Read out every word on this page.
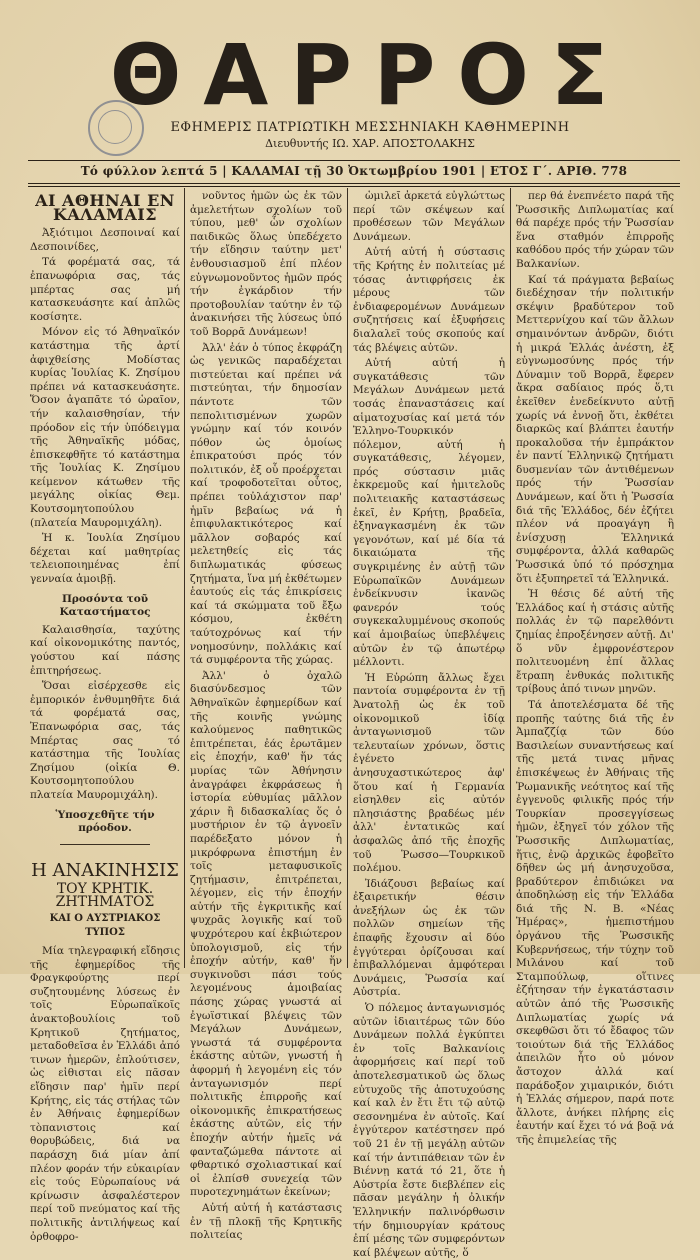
ΘΑΡΡΟΣ
ΕΦΗΜΕΡΙΣ ΠΑΤΡΙΩΤΙΚΗ ΜΕΣΣΗΝΙΑΚΗ ΚΑΘΗΜΕΡΙΝΗ
Διευθυντής ΙΩ. ΧΑΡ. ΑΠΟΣΤΟΛΑΚΗΣ
Τό φύλλον λεπτά 5 | ΚΑΛΑΜΑΙ τῇ 30 Ὀκτωμβρίου 1901 | ΕΤΟΣ Γ΄. ΑΡΙΘ. 778
ΑΙ ΑΘΗΝΑΙ ΕΝ ΚΑΛΑΜΑΙΣ

Ἀξιότιμοι Δεσποιναί καί Δεσποινίδες,

Τά φορέματά σας, τά ἐπανωφόρια σας, τάς μπέρτας σας μή κατασκευάσητε καί ἀπλῶς κοσίσητε.

Μόνον εἰς τό Ἀθηναϊκόν κατάστημα τῆς ἀρτί ἀφιχθείσης Μοδίστας κυρίας Ἰουλίας Κ. Ζησίμου πρέπει νά κατασκευάσητε. Ὅσον ἀγαπᾶτε τό ὡραῖον, τήν καλαισθησίαν, τήν πρόοδον εἰς τήν ὑπόδειγμα τῆς Ἀθηναϊκῆς μόδας, ἐπισκεφθῆτε τό κατάστημα τῆς Ἰουλίας Κ. Ζησίμου κείμενον κάτωθεν τῆς μεγάλης οἰκίας Θεμ. Κουτσομητοπούλου (πλατεία Μαυρομιχάλη).

Ἡ κ. Ἰουλία Ζησίμου δέχεται καί μαθητρίας τελειοποιημένας ἐπί γενναία ἀμοιβῇ.

Προσόντα τοῦ Καταστήματος

Καλαισθησία, ταχύτης καί οἰκονομικότης παντός, γούστου καί πάσης ἐπιτηρήσεως.

Ὅσαι εἰσέρχεσθε εἰς ἐμπορικόν ἐνθυμηθῆτε διά τά φορέματά σας, Ἐπανωφόρια σας, τάς Μπέρτας σας τό κατάστημα τῆς Ἰουλίας Ζησίμου (οἰκία Θ. Κουτσομητοπούλου πλατεία Μαυρομιχάλη).

Ὑποσχεθῆτε τήν πρόοδον.
Η ΑΝΑΚΙΝΗΣΙΣ
ΤΟΥ ΚΡΗΤΙΚ. ΖΗΤΗΜΑΤΟΣ
ΚΑΙ Ο ΑΥΣΤΡΙΑΚΟΣ ΤΥΠΟΣ

Μία τηλεγραφική εἴδησις τῆς ἐφημερίδος τῆς Φραγκφούρτης περί συζητουμένης λύσεως ἐν τοῖς Εὐρωπαϊκοῖς ἀνακτοβουλίοις τοῦ Κρητικοῦ ζητήματος, μεταδοθεῖσα ἐν Ἑλλάδι ἀπό τινων ἡμερῶν, ἐπλούτισεν, ὡς εἰθισται εἰς πᾶσαν εἴδησιν παρ' ἡμῖν περί Κρήτης, εἰς τάς στήλας τῶν ἐν Ἀθήναις ἐφημερίδων τὸπανιστοις καί θορυβώδεις, διά να παράσχη διά μίαν ἀπί πλέον φοράν τήν εὐκαιρίαν εἰς τούς Εὐρωπαίους νά κρίνωσιν ἀσφαλέστερον περί τοῦ πνεύματος καί τῆς πολιτικῆς ἀντιλήψεως καί ὀρθοφρο-

νοῦντος ἡμῶν ὡς ἐκ τῶν ἀμελετήτων σχολίων τοῦ τύπου, μεθ' ὧν σχολίων παιδικῶς ὅλως ὑπεδέχετο τήν εἴδησιν ταύτην μετ' ἐνθουσιασμοῦ ἐπί πλέον εὐγνωμονοῦντος ἡμῶν πρός τήν ἐγκάρδιον τήν προτοβουλίαν ταύτην ἐν τῷ ἀνακινήσει τῆς λύσεως ὑπό τοῦ Βορρᾶ Δυνάμεων!

Ἀλλ' ἐάν ὁ τύπος ἐκφράζη ὡς γενικῶς παραδέχεται πιστεύεται καί πρέπει νά πιστεύηται, τήν δημοσίαν πάντοτε τῶν πεπολιτισμένων χωρῶν γνώμην καί τόν κοινόν πόθον ὡς ὁμοίως ἐπικρατούσι πρός τόν πολιτικόν, ἐξ οὗ προέρχεται καί τροφοδοτεῖται οὗτος, πρέπει τοὐλάχιστον παρ' ἡμῖν βεβαίως νά ἡ ἐπιφυλακτικότερος καί μᾶλλον σοβαρός καί μελετηθείς εἰς τάς διπλωματικάς φύσεως ζητήματα, ἵνα μή ἐκθέτωμεν ἑαυτούς εἰς τάς ἐπικρίσεις καί τά σκώμματα τοῦ ἔξω κόσμου, ἐκθέτη ταύτοχρόνως καί τήν νοημοσύνην, πολλάκις καί τά συμφέροντα τῆς χώρας.

Ἀλλ' ὁ ὀχαλῶ διασύνδεσμος τῶν Ἀθηναϊκῶν ἐφημερίδων καί τῆς κοινῆς γνώμης καλούμενος παθητικῶς ἐπιτρέπεται, ἐάς ἐρωτᾶμεν εἰς ἐποχήν, καθ' ἥν τάς μυρίας τῶν Ἀθήνησιν ἀναγράφει ἐκφράσεως ἡ ἱστορία εὐθυμίας μᾶλλον χάριν ἢ διδασκαλίας ὅς ὁ μυστήριον ἐν τῷ ἀγνοεῖν παρέδεξατο μόνον ἡ μικρόφρωνα ἐπιστήμη ἐν τοῖς μεταφυσικοῖς ζητήμασιν, ἐπιτρέπεται, λέγομεν, εἰς τήν ἐποχήν αὐτήν τῆς ἐγκριτικῆς καί ψυχρᾶς λογικῆς καί τοῦ ψυχρότερου καί ἐκβιώτερον ὑπολογισμοῦ, εἰς τήν ἐποχήν αὐτήν, καθ' ἥν συγκινοῦσι πάσι τούς λεγομένους ἀμοιβαίας πάσης χώρας γνωστά αἱ ἐγωϊστικαί βλέψεις τῶν Μεγάλων Δυνάμεων, γνωστά τά συμφέροντα ἑκάστης αὐτῶν, γνωστή ἡ ἀφορμή ἡ λεγομένη εἰς τόν ἀνταγωνισμόν περί πολιτικῆς ἐπιρροῆς καί οἰκονομικῆς ἐπικρατήσεως ἑκάστης αὐτῶν, εἰς τήν ἐποχήν αὐτήν ἡμεῖς νά φανταζώμεθα πάντοτε αἰ φθαρτικό σχολιαστικαί καί οἱ ἐλπίσθ συνεχείᾳ τῶν πυροτεχνημάτων ἐκείνων;

Αὐτή αὐτή ἡ κατάστασις ἐν τῇ πλοκῇ τῆς Κρητικῆς πολιτείας

ὡμιλεῖ ἀρκετά εὐγλώττως περί τῶν σκέψεων καί προθέσεων τῶν Μεγάλων Δυνάμεων.

Αὐτή αὐτή ἡ σύστασις τῆς Κρήτης ἐν πολιτείας μέ τόσας ἀντιφρήσεις ἐκ μέρους τῶν ἐνδιαφερομένων Δυνάμεων συζητήσεις καί ἐξυφήσεις διαλαλεῖ τούς σκοπούς καί τάς βλέψεις αὐτῶν.

Αὐτή αὐτή ἡ συγκατάθεσις τῶν Μεγάλων Δυνάμεων μετά τοσάς ἐπαναστάσεις καί αἱματοχυσίας καί μετά τόν Ἑλληνο-Τουρκικόν πόλεμον, αὐτή ἡ συγκατάθεσις, λέγομεν, πρός σύστασιν μιᾶς ἐκκρεμοῦς καί ἡμιτελοῦς πολιτειακῆς καταστάσεως ἐκεῖ, ἐν Κρήτῃ, βραδεῖα, ἐξηναγκασμένη ἐκ τῶν γεγονότων, καί μέ δία τά δικαιώματα τῆς συγκριμένης ἐν αὐτῇ τῶν Εὐρωπαϊκῶν Δυνάμεων ἐνδείκνυσιν ἱκανῶς φανερόν τούς συγκεκαλυμμένους σκοπούς καί ἀμοιβαίως ὑπεβλέψεις αὐτῶν ἐν τῷ ἀπωτέρῳ μέλλοντι.

Ἡ Εὐρώπη ἄλλως ἔχει παντοία συμφέροντα ἐν τῇ Ἀνατολῇ ὡς ἐκ τοῦ οἰκονομικοῦ ἰδίᾳ ἀνταγωνισμοῦ τῶν τελευταίων χρόνων, ὅστις ἐγένετο ἀνησυχαστικώτερος ἀφ' ὅτου καί ἡ Γερμανία εἰσηλθεν εἰς αὐτόν πλησιάστης βραδέως μέν ἀλλ' ἐντατικῶς καί ἀσφαλῶς ἀπό τῆς ἐποχῆς τοῦ Ῥωσσο—Τουρκικοῦ πολέμου.

Ἰδιάζουσι βεβαίως καί ἐξαιρετικήν θέσιν ἀνεξήλων ὡς ἐκ τῶν πολλῶν σημείων τῆς ἐπαφῆς ἔχουσιν αἱ δύο ἐγγύτεραι ὁρίζουσαι καί ἐπιβαλλόμεναι ἀμφότεραι Δυνάμεις, Ῥωσσία καί Αὐστρία.

Ὁ πόλεμος ἀνταγωνισμός αὐτῶν ἰδιαιτέρως τῶν δύο Δυνάμεων πολλά ἐγκύπτει ἐν τοῖς Βαλκανίοις ἀφορμήσεις καί περί τοῦ ἀποτελεσματικοῦ ὡς ὅλως εὐτυχοῦς τῆς ἀποτυχούσης καί καλ ἐν ἔτι ἔτι τῷ αὐτῷ σεσονημένα ἐν αὐτοῖς. Καί ἐγγύτερον κατέστησεν πρό τοῦ 21 ἐν τῇ μεγάλῃ αὐτῶν καί τήν ἀντιπάθειαν τῶν ἐν Βιέννῃ κατά τό 21, ὅτε ἡ Αὐστρία ἔστε διεβλέπεν εἰς πᾶσαν μεγάλην ἡ ὀλικήν Ἑλληνικήν παλινόρθωσιν τήν δημιουργίαν κράτους ἐπί μέσης τῶν συμφερόντων καί βλέψεων αὐτῆς, ὅ

περ θά ἐνεπνέετο παρά τῆς Ῥωσσικῆς Διπλωματίας καί θά παρέχε πρός τήν Ῥωσσίαν ἕνα σταθμόν ἐπιρροῆς καθόδου πρός τήν χώραν τῶν Βαλκανίων.

Καί τά πράγματα βεβαίως διεδέχησαν τήν πολιτικήν σκέψιν βραδύτερον τοῦ Μεττερνίχου καί τῶν ἄλλων σημαινόντων ἀνδρῶν, διότι ἡ μικρά Ἑλλάς ἀνέστη, ἐξ εὐγνωμοσύνης πρός τήν Δύναμιν τοῦ Βορρᾶ, ἔφερεν ἄκρα σαδίαιος πρός ὅ,τι ἐκεῖθεν ἐνεδείκνυτο αὐτῇ χωρίς νά ἐννοῇ ὅτι, ἐκθέτει διαρκῶς καί βλάπτει ἑαυτήν προκαλοῦσα τήν ἐμπράκτον ἐν παντί Ἑλληνικῷ ζητήματι δυσμενίαν τῶν ἀντιθέμενων πρός τήν Ῥωσσίαν Δυνάμεων, καί ὅτι ἡ Ῥωσσία διά τῆς Ἑλλάδος, δέν ἐζήτει πλέον νά προαγάγη ἢ ἐνίσχυσῃ Ἑλληνικά συμφέροντα, ἀλλά καθαρῶς Ῥωσσικά ὑπό τό πρόσχημα ὅτι ἐξυπηρετεῖ τά Ἑλληνικά.

Ἡ θέσις δέ αὐτή τῆς Ἑλλάδος καί ἡ στάσις αὐτῆς πολλάς ἐν τῷ παρελθόντι ζημίας ἐπροξένησεν αὐτῇ. Δι' ὅ νῦν ἐμφρονέστερον πολιτευομένη ἐπί ἄλλας ἔτραπη ἐνθυκάς πολιτικῆς τρίβους ἀπό τινων μηνῶν.

Τά ἀποτελέσματα δέ τῆς προπῆς ταύτης διά τῆς ἐν Ἀμπαζζίᾳ τῶν δύο Βασιλείων συναντήσεως καί τῆς μετά τινας μῆνας ἐπισκέψεως ἐν Ἀθήναις τῆς Ῥωμανικῆς νεότητος καί τῆς ἐγγενοῦς φιλικῆς πρός τήν Τουρκίαν προσεγγίσεως ἡμῶν, ἐξηγεῖ τόν χόλον τῆς Ῥωσσικῆς Διπλωματίας, ἥτις, ἐνῷ ἀρχικῶς ἐφοβεῖτο δῆθεν ὡς μή ἀνησυχοῦσα, βραδύτερον ἐπιδιώκει να ἀποδηλώσῃ εἰς τήν Ἑλλάδα διά τῆς Ν. Β. «Νέας Ἡμέρας», ἡμεπιστήμου ὀργάνου τῆς Ῥωσσικῆς Κυβερνήσεως, τήν τύχην τοῦ Μιλάνου καί τοῦ Σταμπούλωφ, οἵτινες ἐζήτησαν τήν ἐγκατάστασιν αὐτῶν ἀπό τῆς Ῥωσσικῆς Διπλωματίας χωρίς νά σκεφθῶσι ὅτι τό ἔδαφος τῶν τοιούτων διά τῆς Ἑλλάδος ἀπειλῶν ἦτο οὐ μόνον ἄστοχον ἀλλά καί παράδοξον χιμαιρικόν, διότι ἡ Ἑλλάς σήμερον, παρά ποτε ἄλλοτε, ἀνήκει πλήρης εἰς ἑαυτήν καί ἔχει τό νά βοᾷ νά τῆς ἐπιμελείας τῆς
